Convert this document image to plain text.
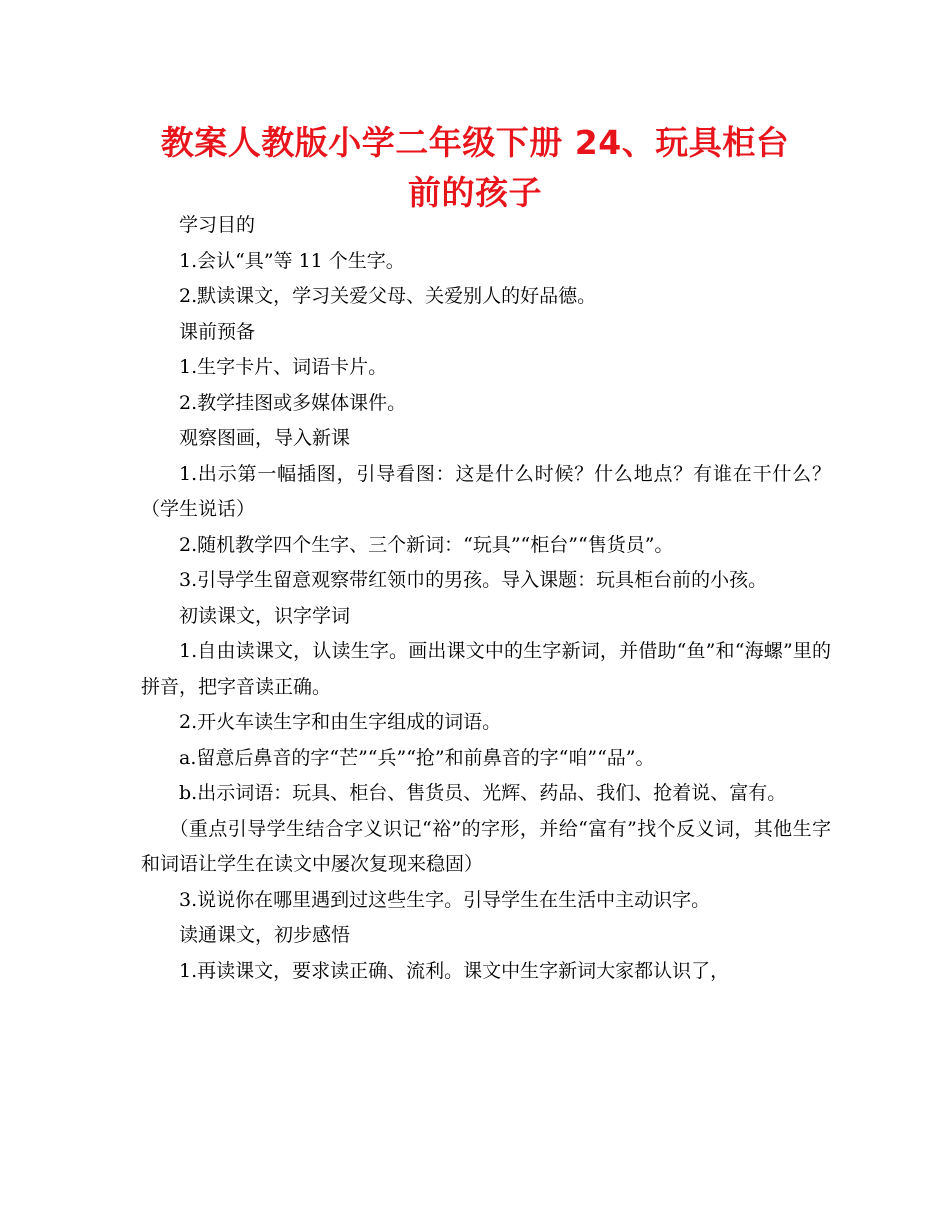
教案人教版小学二年级下册 24、玩具柜台
前的孩子

学习目的

1.会认“具”等 11 个生字。

2.默读课文，学习关爱父母、关爱别人的好品德。

课前预备

1.生字卡片、词语卡片。

2.教学挂图或多媒体课件。

观察图画，导入新课

1.出示第一幅插图，引导看图：这是什么时候？什么地点？有谁在干什么？（学生说话）

2.随机教学四个生字、三个新词：“玩具”“柜台”“售货员”。

3.引导学生留意观察带红领巾的男孩。导入课题：玩具柜台前的小孩。

初读课文，识字学词

1.自由读课文，认读生字。画出课文中的生字新词，并借助“鱼”和“海螺”里的拼音，把字音读正确。

2.开火车读生字和由生字组成的词语。

a.留意后鼻音的字“芒”“兵”“抢”和前鼻音的字“咱”“品”。

b.出示词语：玩具、柜台、售货员、光辉、药品、我们、抢着说、富有。

（重点引导学生结合字义识记“裕”的字形，并给“富有”找个反义词，其他生字和词语让学生在读文中屡次复现来稳固）

3.说说你在哪里遇到过这些生字。引导学生在生活中主动识字。

读通课文，初步感悟

1.再读课文，要求读正确、流利。课文中生字新词大家都认识了，
